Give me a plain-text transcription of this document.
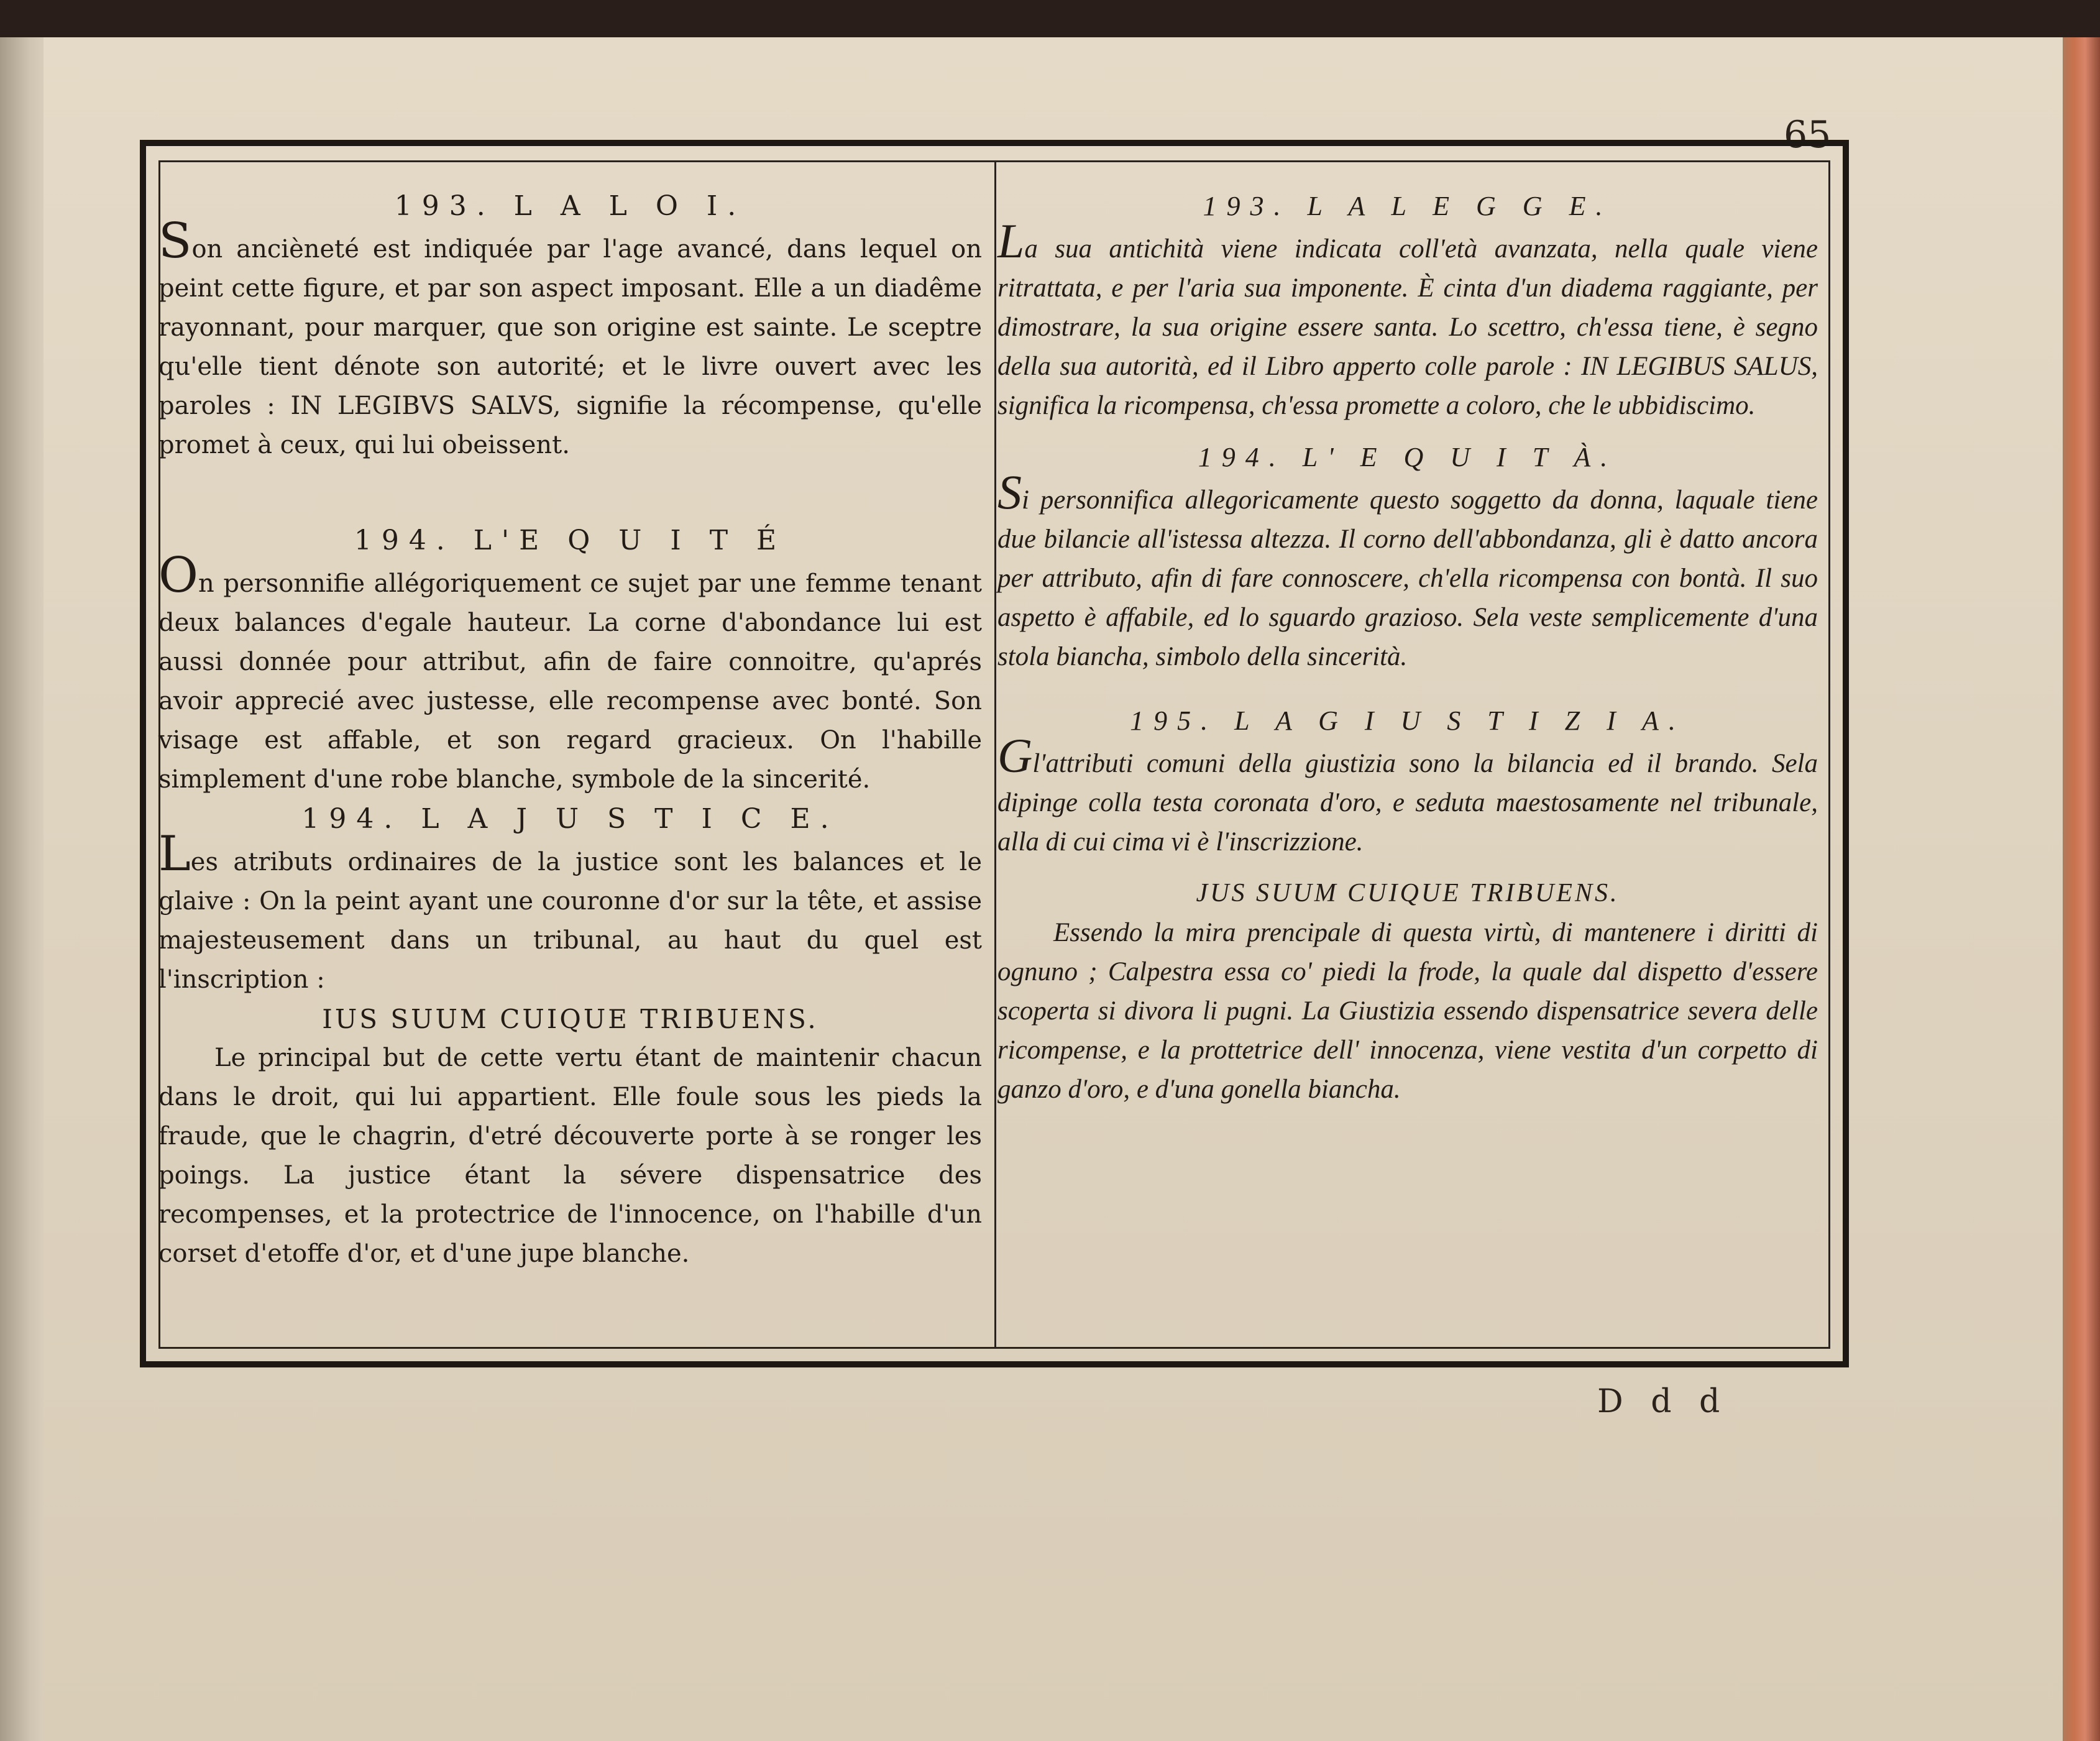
65
D d d
193. L A L O I.
Son ancièneté est indiquée par l'age avancé, dans lequel on peint cette figure, et par son aspect imposant. Elle a un diadême rayonnant, pour marquer, que son origine est sainte. Le sceptre qu'elle tient dénote son autorité; et le livre ouvert avec les paroles : IN LEGIBVS SALVS, signifie la récompense, qu'elle promet à ceux, qui lui obeissent.
194. L'E Q U I T É
On personnifie allégoriquement ce sujet par une femme tenant deux balances d'egale hauteur. La corne d'abondance lui est aussi donnée pour attribut, afin de faire connoitre, qu'aprés avoir apprecié avec justesse, elle recompense avec bonté. Son visage est affable, et son regard gracieux. On l'habille simplement d'une robe blanche, symbole de la sincerité.
194. L A J U S T I C E.
Les atributs ordinaires de la justice sont les balances et le glaive : On la peint ayant une couronne d'or sur la tête, et assise majesteusement dans un tribunal, au haut du quel est l'inscription :
IUS SUUM CUIQUE TRIBUENS.
Le principal but de cette vertu étant de maintenir chacun dans le droit, qui lui appartient. Elle foule sous les pieds la fraude, que le chagrin, d'etré découverte porte à se ronger les poings. La justice étant la sévere dispensatrice des recompenses, et la protectrice de l'innocence, on l'habille d'un corset d'etoffe d'or, et d'une jupe blanche.
193. L A L E G G E.
La sua antichità viene indicata coll'età avanzata, nella quale viene ritrattata, e per l'aria sua imponente. È cinta d'un diadema raggiante, per dimostrare, la sua origine essere santa. Lo scettro, ch'essa tiene, è segno della sua autorità, ed il Libro apperto colle parole : IN LEGIBUS SALUS, significa la ricompensa, ch'essa promette a coloro, che le ubbidiscimo.
194. L' E Q U I T À.
Si personnifica allegoricamente questo soggetto da donna, laquale tiene due bilancie all'istessa altezza. Il corno dell'abbondanza, gli è datto ancora per attributo, afin di fare connoscere, ch'ella ricompensa con bontà. Il suo aspetto è affabile, ed lo sguardo grazioso. Sela veste semplicemente d'una stola biancha, simbolo della sincerità.
195. L A G I U S T I Z I A.
Gl'attributi comuni della giustizia sono la bilancia ed il brando. Sela dipinge colla testa coronata d'oro, e seduta maestosamente nel tribunale, alla di cui cima vi è l'inscrizzione.
JUS SUUM CUIQUE TRIBUENS.
Essendo la mira prencipale di questa virtù, di mantenere i diritti di ognuno ; Calpestra essa co' piedi la frode, la quale dal dispetto d'essere scoperta si divora li pugni. La Giustizia essendo dispensatrice severa delle ricompense, e la prottetrice dell' innocenza, viene vestita d'un corpetto di ganzo d'oro, e d'una gonella biancha.
